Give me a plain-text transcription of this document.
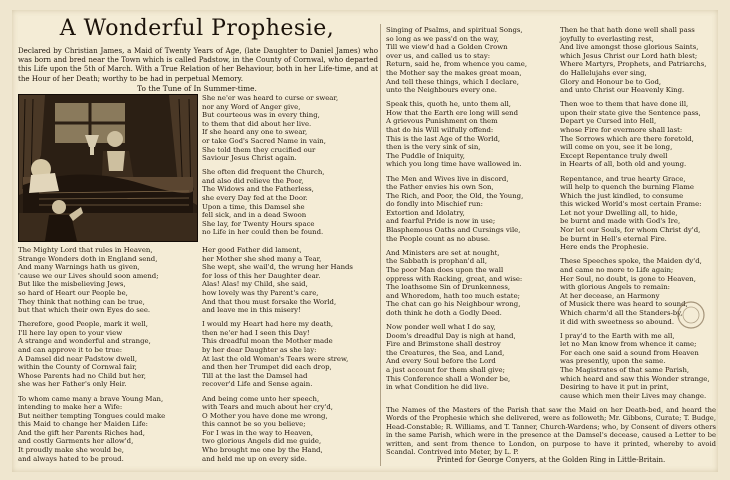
A Wonderful Prophesie,
Declared by Christian James, a Maid of Twenty Years of Age, (late Daughter to Daniel James) who was born and bred near the Town which is called Padstow, in the County of Cornwal, who departed this Life upon the 5th of March. With a True Relation of her Behaviour, both in her Life-time, and at the Hour of her Death; worthy to be had in perpetual Memory.
To the Tune of In Summer-time.

She ne'er was heard to curse or swear,

nor any Word of Anger give,

But courteous was in every thing,

to them that did about her live.

If she heard any one to swear,

or take God's Sacred Name in vain,

She told them they crucified our

Saviour Jesus Christ again.

She often did frequent the Church,

and also did relieve the Poor,

The Widows and the Fatherless,

she every Day fed at the Door.

Upon a time, this Damsel she

fell sick, and in a dead Swoon

She lay, for Twenty Hours space

no Life in her could then be found.

The Mighty Lord that rules in Heaven,

Strange Wonders doth in England send,

And many Warnings hath us given,

'cause we our Lives should soon amend;

But like the misbelieving Jews,

so hard of Heart our People be,

They think that nothing can be true,

but that which their own Eyes do see.

Therefore, good People, mark it well,

I'll here lay open to your view

A strange and wonderful and strange,

and can approve it to be true:

A Damsel did near Padstow dwell,

within the County of Cornwal fair,

Whose Parents had no Child but her,

she was her Father's only Heir.

To whom came many a brave Young Man,

intending to make her a Wife:

But neither tempting Tongues could make

this Maid to change her Maiden Life:

And the gift her Parents Riches had,

and costly Garments her allow'd,

It proudly make she would be,

and always hated to be proud.

Her good Father did lament,

her Mother she shed many a Tear,

She wept, she wail'd, the wrung her Hands

for loss of this her Daughter dear.

Alas! Alas! my Child, she said,

how lovely was thy Parent's care,

And that thou must forsake the World,

and leave me in this misery!

I would my Heart had here my death,

then ne'er had I seen this Day!

This dreadful moan the Mother made

by her dear Daughter as she lay:

At last the old Woman's Tears were strew,

and then her Trumpet did each drop,

Till at the last the Damsel had

recover'd Life and Sense again.

And being come unto her speech,

with Tears and much about her cry'd,

O Mother you have done me wrong,

this cannot be so you believe;

For I was in the way to Heaven,

two glorious Angels did me guide,

Who brought me one by the Hand,

and held me up on every side.

Singing of Psalms, and spiritual Songs,

so long as we pass'd on the way,

Till we view'd had a Golden Crown

over us, and called us to stay:

Return, said he, from whence you came,

the Mother say the makes great moan,

And tell these things, which I declare,

unto the Neighbours every one.

Speak this, quoth he, unto them all,

How that the Earth ere long will send

A grievous Punishment on them

that do his Will wilfully offend:

This is the last Age of the World,

then is the very sink of sin,

The Puddle of Iniquity,

which you long time have wallowed in.

The Men and Wives live in discord,

the Father envies his own Son,

The Rich, and Poor, the Old, the Young,

do fondly into Mischief run:

Extortion and Idolatry,

and fearful Pride is now in use;

Blasphemous Oaths and Cursings vile,

the People count as no abuse.

And Ministers are set at nought,

the Sabbath is prophan'd all,

The poor Man does upon the wall

oppress with Racking, great, and wise:

The loathsome Sin of Drunkenness,

and Whoredom, hath too much estate;

The chat can go his Neighbour wrong,

doth think he doth a Godly Deed.

Now ponder well what I do say,

Doom's dreadful Day is nigh at hand,

Fire and Brimstone shall destroy

the Creatures, the Sea, and Land,

And every Soul before the Lord

a just account for them shall give;

This Conference shall a Wonder be,

in what Condition he did live.

Then he that hath done well shall pass

joyfully to everlasting rest,

And live amongst those glorious Saints,

which Jesus Christ our Lord hath blest;

Where Martyrs, Prophets, and Patriarchs,

do Hallelujahs ever sing,

Glory and Honour be to God,

and unto Christ our Heavenly King.

Then woe to them that have done ill,

upon their state give the Sentence pass,

Depart ye Cursed into Hell,

whose Fire for evermore shall last:

The Sorrows which are there foretold,

will come on you, see it be long,

Except Repentance truly dwell

in Hearts of all, both old and young.

Repentance, and true hearty Grace,

will help to quench the burning Flame

Which the just kindled, to consume

this wicked World's most certain Frame:

Let not your Dwelling all, to hide,

be burnt and made with God's Ire,

Nor let our Souls, for whom Christ dy'd,

be burnt in Hell's eternal Fire.

Here ends the Prophesie.

These Speeches spoke, the Maiden dy'd,

and came no more to Life again;

Her Soul, no doubt, is gone to Heaven,

with glorious Angels to remain:

At her decease, an Harmony

of Musick there was heard to sound,

Which charm'd all the Standers-by,

it did with sweetness so abound.

I pray'd to the Earth with me all,

let no Man know from whence it came;

For each one said a sound from Heaven

was presently, upon the same.

The Magistrates of that same Parish,

which heard and saw this Wonder strange,

Desiring to have it put in print,

cause which men their Lives may change.

The Names of the Masters of the Parish that saw the Maid on her Death-bed, and heard the Words of the Prophesie which she delivered, were as followeth; Mr. Gibbons, Curate; T. Budge, Head-Constable; R. Williams, and T. Tanner, Church-Wardens; who, by Consent of divers others in the same Parish, which were in the presence at the Damsel's decease, caused a Letter to be written, and sent from thence to London, on purpose to have it printed, whereby to avoid Scandal. Contrived into Meter, by L. P.
Printed for George Conyers, at the Golden Ring in Little-Britain.
